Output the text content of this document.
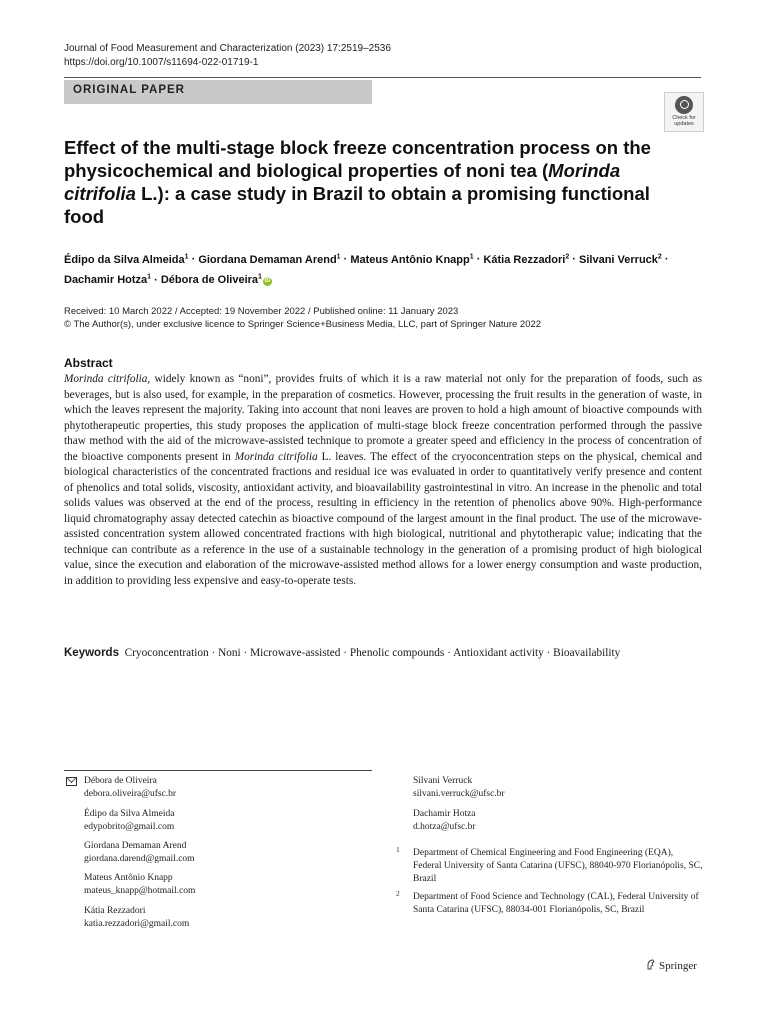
Journal of Food Measurement and Characterization (2023) 17:2519–2536
https://doi.org/10.1007/s11694-022-01719-1
ORIGINAL PAPER
Check for
updates
Effect of the multi-stage block freeze concentration process on the physicochemical and biological properties of noni tea (Morinda citrifolia L.): a case study in Brazil to obtain a promising functional food
Édipo da Silva Almeida$^1$ · Giordana Demaman Arend$^1$ · Mateus Antônio Knapp$^1$ · Kátia Rezzadori$^2$ · Silvani Verruck$^2$ ·
Dachamir Hotza$^1$ · Débora de Oliveira$^1$iD
Received: 10 March 2022 / Accepted: 19 November 2022 / Published online: 11 January 2023
© The Author(s), under exclusive licence to Springer Science+Business Media, LLC, part of Springer Nature 2022
Abstract
Morinda citrifolia, widely known as “noni”, provides fruits of which it is a raw material not only for the preparation of foods, such as beverages, but is also used, for example, in the preparation of cosmetics. However, processing the fruit results in the generation of waste, in which the leaves represent the majority. Taking into account that noni leaves are proven to hold a high amount of bioactive compounds with phytotherapeutic properties, this study proposes the application of multi-stage block freeze concentration performed through the passive thaw method with the aid of the microwave-assisted technique to promote a greater speed and efficiency in the process of concentration of the bioactive components present in Morinda citrifolia L. leaves. The effect of the cryoconcentration steps on the physical, chemical and biological characteristics of the concentrated fractions and residual ice was evaluated in order to quantitatively verify presence and content of phenolics and total solids, viscosity, antioxidant activity, and bioavailability gastrointestinal in vitro. An increase in the phenolic and total solids values was observed at the end of the process, resulting in efficiency in the retention of phenolics above 90%. High-performance liquid chromatography assay detected catechin as bioactive compound of the largest amount in the final product. The use of the microwave-assisted concentration system allowed concentrated fractions with high biological, nutritional and phytotherapic value; indicating that the technique can contribute as a reference in the use of a sustainable technology in the generation of a promising product of high biological value, since the execution and elaboration of the microwave-assisted method allows for a lower energy consumption and waste production, in addition to providing less expensive and easy-to-operate tests.
Keywords Cryoconcentration · Noni · Microwave-assisted · Phenolic compounds · Antioxidant activity · Bioavailability
Débora de Oliveira
debora.oliveira@ufsc.br
Édipo da Silva Almeida
edypobrito@gmail.com
Giordana Demaman Arend
giordana.darend@gmail.com
Mateus Antônio Knapp
mateus_knapp@hotmail.com
Kátia Rezzadori
katia.rezzadori@gmail.com
Silvani Verruck
silvani.verruck@ufsc.br
Dachamir Hotza
d.hotza@ufsc.br
1 Department of Chemical Engineering and Food Engineering (EQA), Federal University of Santa Catarina (UFSC), 88040-970 Florianópolis, SC, Brazil
2 Department of Food Science and Technology (CAL), Federal University of Santa Catarina (UFSC), 88034-001 Florianópolis, SC, Brazil
Springer
